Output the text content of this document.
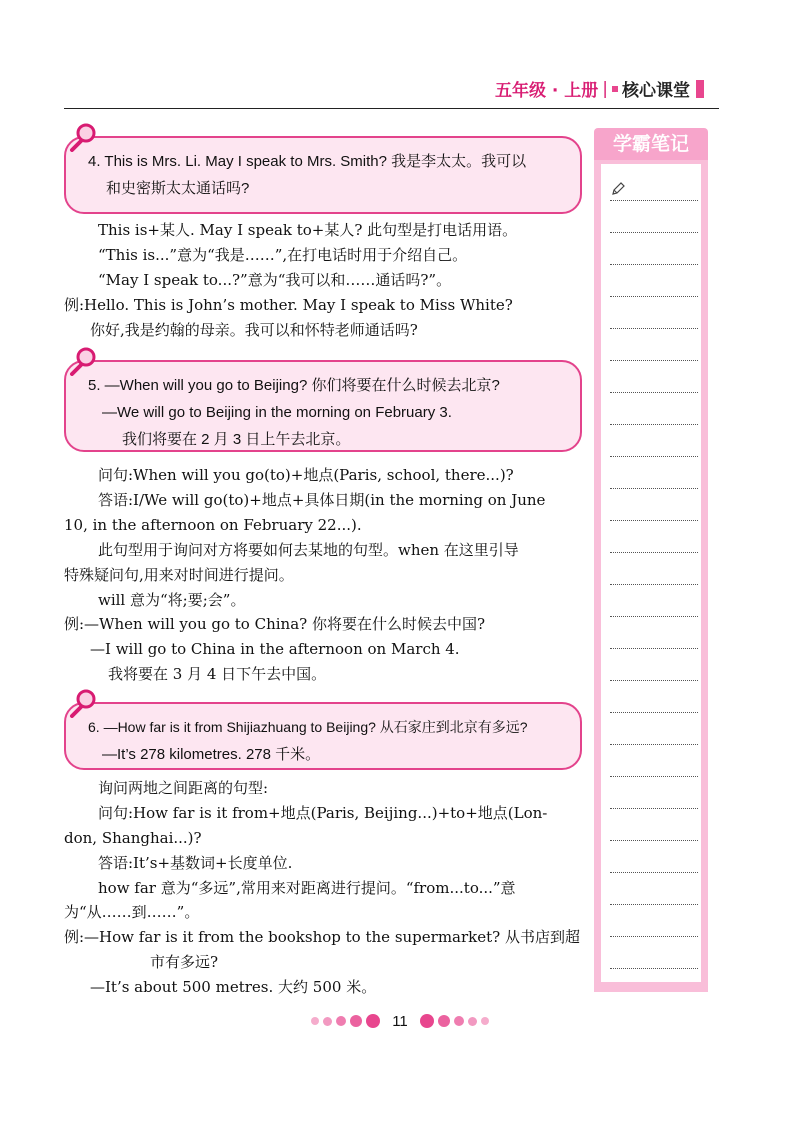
五年级 · 上册 | 核心课堂
学霸笔记
4. This is Mrs. Li. May I speak to Mrs. Smith? 我是李太太。我可以
和史密斯太太通话吗?
This is+某人. May I speak to+某人? 此句型是打电话用语。
“This is...”意为“我是……”,在打电话时用于介绍自己。
“May I speak to...?”意为“我可以和……通话吗?”。
例:Hello. This is John’s mother. May I speak to Miss White?
你好,我是约翰的母亲。我可以和怀特老师通话吗?
5. —When will you go to Beijing? 你们将要在什么时候去北京?
—We will go to Beijing in the morning on February 3.
我们将要在 2 月 3 日上午去北京。
问句:When will you go(to)+地点(Paris, school, there...)?
答语:I/We will go(to)+地点+具体日期(in the morning on June
10, in the afternoon on February 22...).
此句型用于询问对方将要如何去某地的句型。when 在这里引导
特殊疑问句,用来对时间进行提问。
will 意为“将;要;会”。
例:—When will you go to China? 你将要在什么时候去中国?
—I will go to China in the afternoon on March 4.
我将要在 3 月 4 日下午去中国。
6. —How far is it from Shijiazhuang to Beijing? 从石家庄到北京有多远?
—It’s 278 kilometres. 278 千米。
询问两地之间距离的句型:
问句:How far is it from+地点(Paris, Beijing...)+to+地点(Lon-
don, Shanghai...)?
答语:It’s+基数词+长度单位.
how far 意为“多远”,常用来对距离进行提问。“from...to...”意
为“从……到……”。
例:—How far is it from the bookshop to the supermarket? 从书店到超
市有多远?
—It’s about 500 metres. 大约 500 米。
11
